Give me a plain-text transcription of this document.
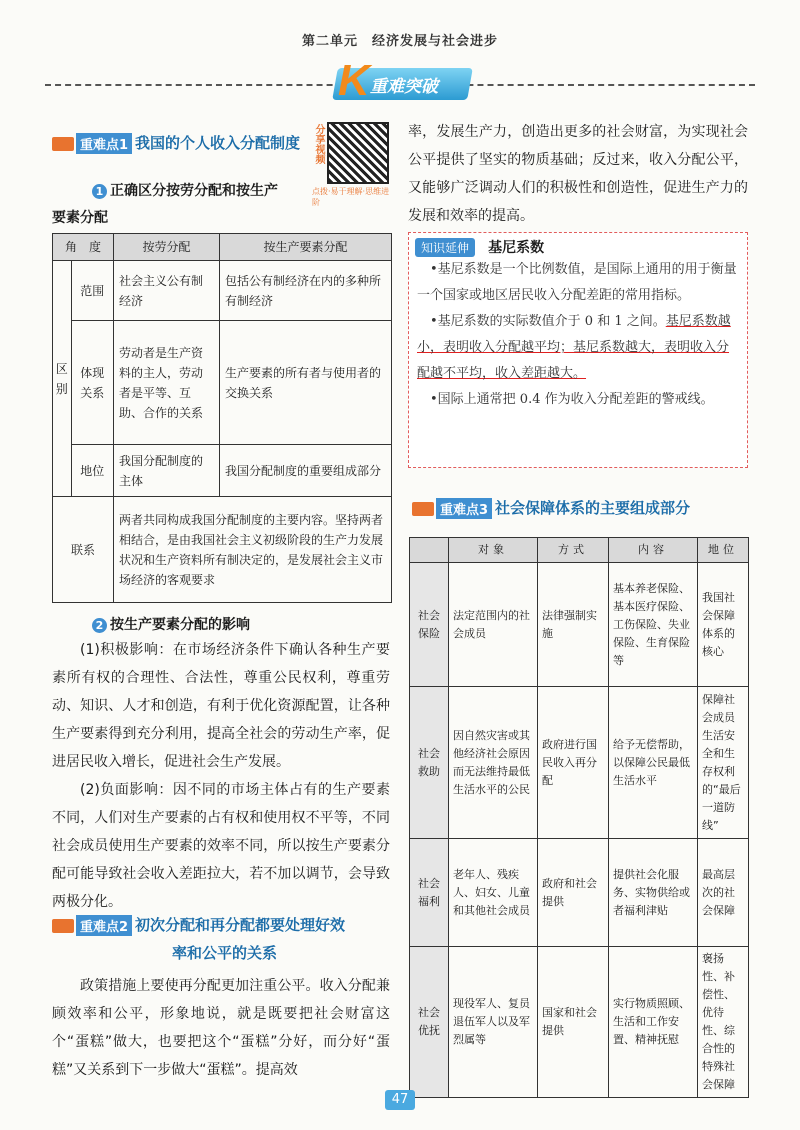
第二单元　经济发展与社会进步
K 重难突破
重难点1 我国的个人收入分配制度	分享视频
点拨·易于理解·思维进阶
1 正确区分按劳分配和按生产
要素分配
角　度		按劳分配	按生产要素分配
区别	范围	社会主义公有制经济	包括公有制经济在内的多种所有制经济
	体现关系	劳动者是生产资料的主人，劳动者是平等、互助、合作的关系	生产要素的所有者与使用者的交换关系
	地位	我国分配制度的主体	我国分配制度的重要组成部分
联系		两者共同构成我国分配制度的主要内容。坚持两者相结合，是由我国社会主义初级阶段的生产力发展状况和生产资料所有制决定的，是发展社会主义市场经济的客观要求	
2 按生产要素分配的影响
(1)积极影响：在市场经济条件下确认各种生产要素所有权的合理性、合法性，尊重公民权利，尊重劳动、知识、人才和创造，有利于优化资源配置，让各种生产要素得到充分利用，提高全社会的劳动生产率，促进居民收入增长，促进社会生产发展。
(2)负面影响：因不同的市场主体占有的生产要素不同，人们对生产要素的占有权和使用权不平等，不同社会成员使用生产要素的效率不同，所以按生产要素分配可能导致社会收入差距拉大，若不加以调节，会导致两极分化。
重难点2 初次分配和再分配都要处理好效
率和公平的关系
政策措施上要使再分配更加注重公平。收入分配兼顾效率和公平，形象地说，就是既要把社会财富这个“蛋糕”做大，也要把这个“蛋糕”分好，而分好“蛋糕”又关系到下一步做大“蛋糕”。提高效
率，发展生产力，创造出更多的社会财富，为实现社会公平提供了坚实的物质基础；反过来，收入分配公平，又能够广泛调动人们的积极性和创造性，促进生产力的发展和效率的提高。
知识延伸 基尼系数
•基尼系数是一个比例数值，是国际上通用的用于衡量一个国家或地区居民收入分配差距的常用指标。
•基尼系数的实际数值介于 0 和 1 之间。基尼系数越小，表明收入分配越平均；基尼系数越大，表明收入分配越不平均，收入差距越大。
•国际上通常把 0.4 作为收入分配差距的警戒线。
重难点3 社会保障体系的主要组成部分
	对象	方式	内容	地位
社会保险	法定范围内的社会成员	法律强制实施	基本养老保险、基本医疗保险、工伤保险、失业保险、生育保险等	我国社会保障体系的核心
社会救助	因自然灾害或其他经济社会原因而无法维持最低生活水平的公民	政府进行国民收入再分配	给予无偿帮助，以保障公民最低生活水平	保障社会成员生活安全和生存权利的“最后一道防线”
社会福利	老年人、残疾人、妇女、儿童和其他社会成员	政府和社会提供	提供社会化服务、实物供给或者福利津贴	最高层次的社会保障
社会优抚	现役军人、复员退伍军人以及军烈属等	国家和社会提供	实行物质照顾、生活和工作安置、精神抚慰	褒扬性、补偿性、优待性、综合性的特殊社会保障
47
